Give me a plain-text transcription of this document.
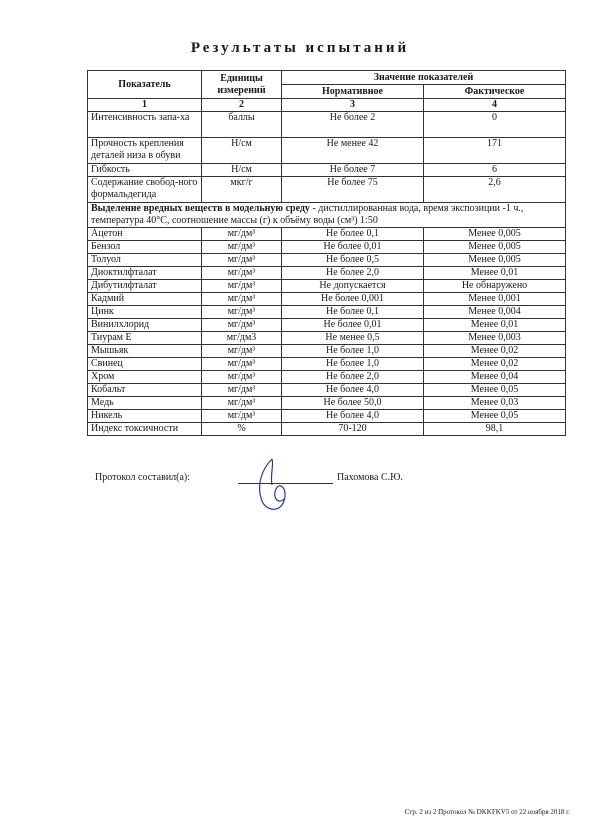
Результаты испытаний
Показатель	Единицы измерений	Значение показателей	
		Нормативное	Фактическое
1	2	3	4
Интенсивность запа-ха	баллы	Не более 2	0
Прочность крепления деталей низа в обуви	Н/см	Не менее 42	171
Гибкость	Н/см	Не более 7	6
Содержание свобод-ного формальдегида	мкг/г	Не более 75	2,6
Выделение вредных веществ в модельную среду - дистиллированная вода, время экспозиции -1 ч., температура 40°С, соотношение массы (г) к объёму воды (см³) 1:50			
Ацетон	мг/дм³	Не более 0,1	Менее 0,005
Бензол	мг/дм³	Не более 0,01	Менее 0,005
Толуол	мг/дм³	Не более 0,5	Менее 0,005
Диоктилфталат	мг/дм³	Не более 2,0	Менее 0,01
Дибутилфталат	мг/дм³	Не допускается	Не обнаружено
Кадмий	мг/дм³	Не более 0,001	Менее 0,001
Цинк	мг/дм³	Не более 0,1	Менее 0,004
Винилхлорид	мг/дм³	Не более 0,01	Менее 0,01
Тиурам Е	мг/дм3	Не менее 0,5	Менее 0,003
Мышьяк	мг/дм³	Не более 1,0	Менее 0,02
Свинец	мг/дм³	Не более 1,0	Менее 0,02
Хром	мг/дм³	Не более 2,0	Менее 0,04
Кобальт	мг/дм³	Не более 4,0	Менее 0,05
Медь	мг/дм³	Не более 50,0	Менее 0,03
Никель	мг/дм³	Не более 4,0	Менее 0,05
Индекс токсичности	%	70-120	98,1
Протокол составил(а):	Пахомова С.Ю.
Стр. 2 из 2 Протокол № DKKFKV5 от 22 ноября 2018 г.
